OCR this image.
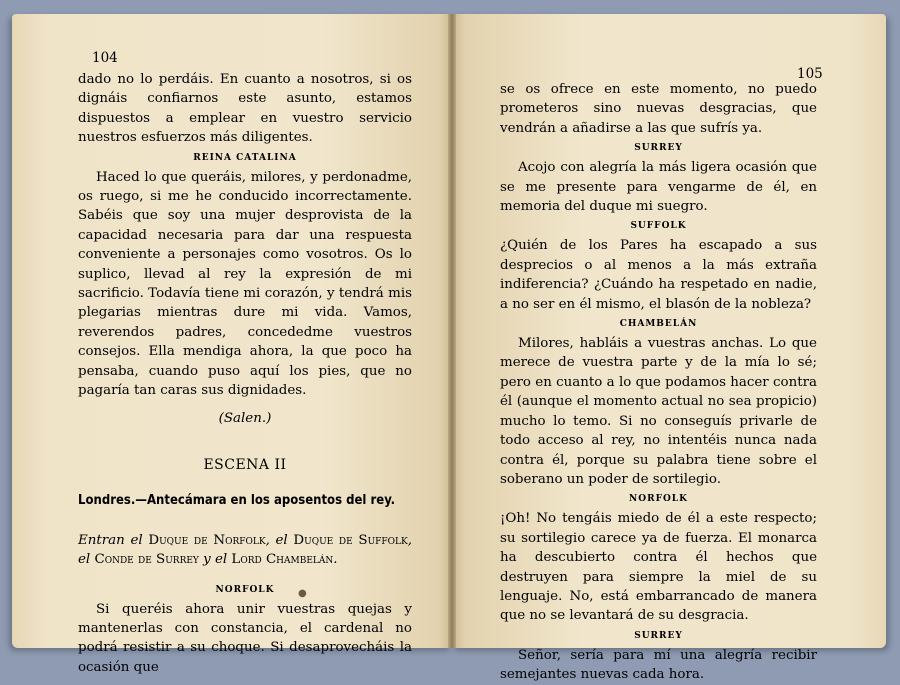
104
105

dado no lo perdáis. En cuanto a nosotros, si os dignáis confiarnos este asunto, estamos dispuestos a emplear en vuestro servicio nuestros esfuerzos más diligentes.

REINA CATALINA

Haced lo que queráis, milores, y perdonadme, os ruego, si me he conducido incorrectamente. Sabéis que soy una mujer desprovista de la capacidad necesaria para dar una respuesta conveniente a personajes como vosotros. Os lo suplico, llevad al rey la expresión de mi sacrificio. Todavía tiene mi corazón, y tendrá mis plegarias mientras dure mi vida. Vamos, reverendos padres, concededme vuestros consejos. Ella mendiga ahora, la que poco ha pensaba, cuando puso aquí los pies, que no pagaría tan caras sus dignidades.

(Salen.)
ESCENA II
Londres.—Antecámara en los aposentos del rey.

Entran el Duque de Norfolk, el Duque de Suffolk, el Conde de Surrey y el Lord Chambelán.

NORFOLK

Si queréis ahora unir vuestras quejas y mantenerlas con constancia, el cardenal no podrá resistir a su choque. Si desaprovecháis la ocasión que

se os ofrece en este momento, no puedo prometeros sino nuevas desgracias, que vendrán a añadirse a las que sufrís ya.

SURREY

Acojo con alegría la más ligera ocasión que se me presente para vengarme de él, en memoria del duque mi suegro.

SUFFOLK

¿Quién de los Pares ha escapado a sus desprecios o al menos a la más extraña indiferencia? ¿Cuándo ha respetado en nadie, a no ser en él mismo, el blasón de la nobleza?

CHAMBELÁN

Milores, habláis a vuestras anchas. Lo que merece de vuestra parte y de la mía lo sé; pero en cuanto a lo que podamos hacer contra él (aunque el momento actual no sea propicio) mucho lo temo. Si no conseguís privarle de todo acceso al rey, no intentéis nunca nada contra él, porque su palabra tiene sobre el soberano un poder de sortilegio.

NORFOLK

¡Oh! No tengáis miedo de él a este respecto; su sortilegio carece ya de fuerza. El monarca ha descubierto contra él hechos que destruyen para siempre la miel de su lenguaje. No, está embarrancado de manera que no se levantará de su desgracia.

SURREY

Señor, sería para mí una alegría recibir semejantes nuevas cada hora.

●
